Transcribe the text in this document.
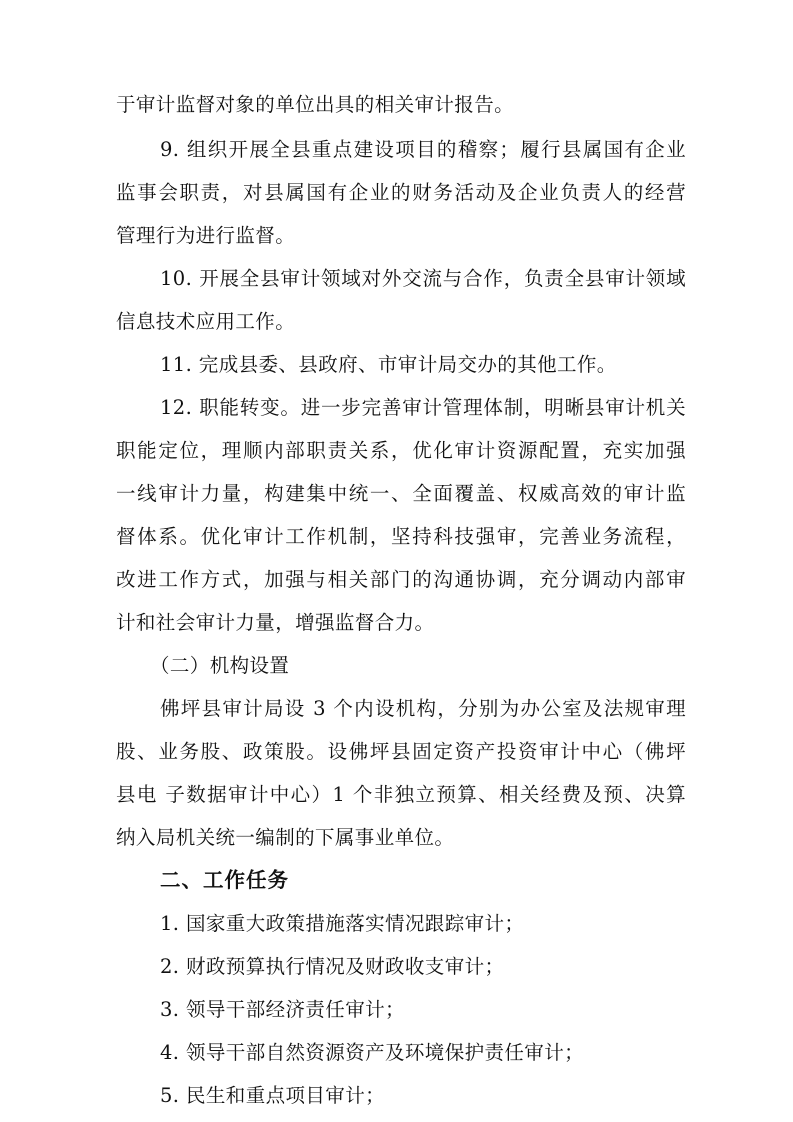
于审计监督对象的单位出具的相关审计报告。
9. 组织开展全县重点建设项目的稽察；履行县属国有企业
监事会职责，对县属国有企业的财务活动及企业负责人的经营
管理行为进行监督。
10. 开展全县审计领域对外交流与合作，负责全县审计领域
信息技术应用工作。
11. 完成县委、县政府、市审计局交办的其他工作。
12. 职能转变。进一步完善审计管理体制，明晰县审计机关
职能定位，理顺内部职责关系，优化审计资源配置，充实加强
一线审计力量，构建集中统一、全面覆盖、权威高效的审计监
督体系。优化审计工作机制，坚持科技强审，完善业务流程，
改进工作方式，加强与相关部门的沟通协调，充分调动内部审
计和社会审计力量，增强监督合力。
（二）机构设置
佛坪县审计局设 3 个内设机构，分别为办公室及法规审理
股、业务股、政策股。设佛坪县固定资产投资审计中心（佛坪
县电 子数据审计中心）1 个非独立预算、相关经费及预、决算
纳入局机关统一编制的下属事业单位。
二、工作任务
1. 国家重大政策措施落实情况跟踪审计；
2. 财政预算执行情况及财政收支审计；
3. 领导干部经济责任审计；
4. 领导干部自然资源资产及环境保护责任审计；
5. 民生和重点项目审计；
